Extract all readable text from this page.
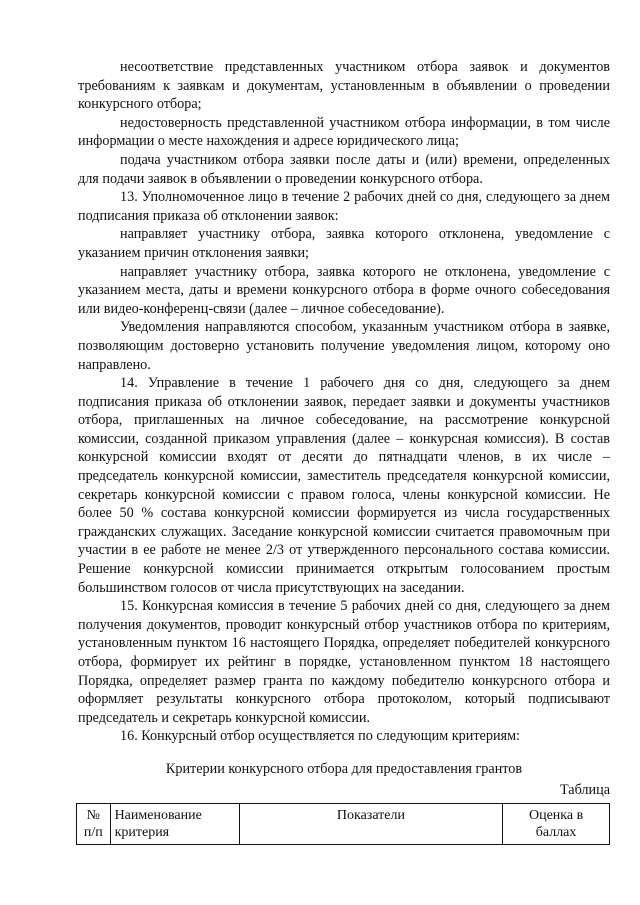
несоответствие представленных участником отбора заявок и документов требованиям к заявкам и документам, установленным в объявлении о проведении конкурсного отбора;

недостоверность представленной участником отбора информации, в том числе информации о месте нахождения и адресе юридического лица;

подача участником отбора заявки после даты и (или) времени, определенных для подачи заявок в объявлении о проведении конкурсного отбора.

13. Уполномоченное лицо в течение 2 рабочих дней со дня, следующего за днем подписания приказа об отклонении заявок:

направляет участнику отбора, заявка которого отклонена, уведомление с указанием причин отклонения заявки;

направляет участнику отбора, заявка которого не отклонена, уведомление с указанием места, даты и времени конкурсного отбора в форме очного собеседования или видео-конференц-связи (далее – личное собеседование).

Уведомления направляются способом, указанным участником отбора в заявке, позволяющим достоверно установить получение уведомления лицом, которому оно направлено.

14. Управление в течение 1 рабочего дня со дня, следующего за днем подписания приказа об отклонении заявок, передает заявки и документы участников отбора, приглашенных на личное собеседование, на рассмотрение конкурсной комиссии, созданной приказом управления (далее – конкурсная комиссия). В состав конкурсной комиссии входят от десяти до пятнадцати членов, в их числе – председатель конкурсной комиссии, заместитель председателя конкурсной комиссии, секретарь конкурсной комиссии с правом голоса, члены конкурсной комиссии. Не более 50 % состава конкурсной комиссии формируется из числа государственных гражданских служащих. Заседание конкурсной комиссии считается правомочным при участии в ее работе не менее 2/3 от утвержденного персонального состава комиссии. Решение конкурсной комиссии принимается открытым голосованием простым большинством голосов от числа присутствующих на заседании.

15. Конкурсная комиссия в течение 5 рабочих дней со дня, следующего за днем получения документов, проводит конкурсный отбор участников отбора по критериям, установленным пунктом 16 настоящего Порядка, определяет победителей конкурсного отбора, формирует их рейтинг в порядке, установленном пунктом 18 настоящего Порядка, определяет размер гранта по каждому победителю конкурсного отбора и оформляет результаты конкурсного отбора протоколом, который подписывают председатель и секретарь конкурсной комиссии.

16. Конкурсный отбор осуществляется по следующим критериям:

Критерии конкурсного отбора для предоставления грантов

Таблица

№ п/п	Наименование критерия	Показатели	Оценка в баллах
